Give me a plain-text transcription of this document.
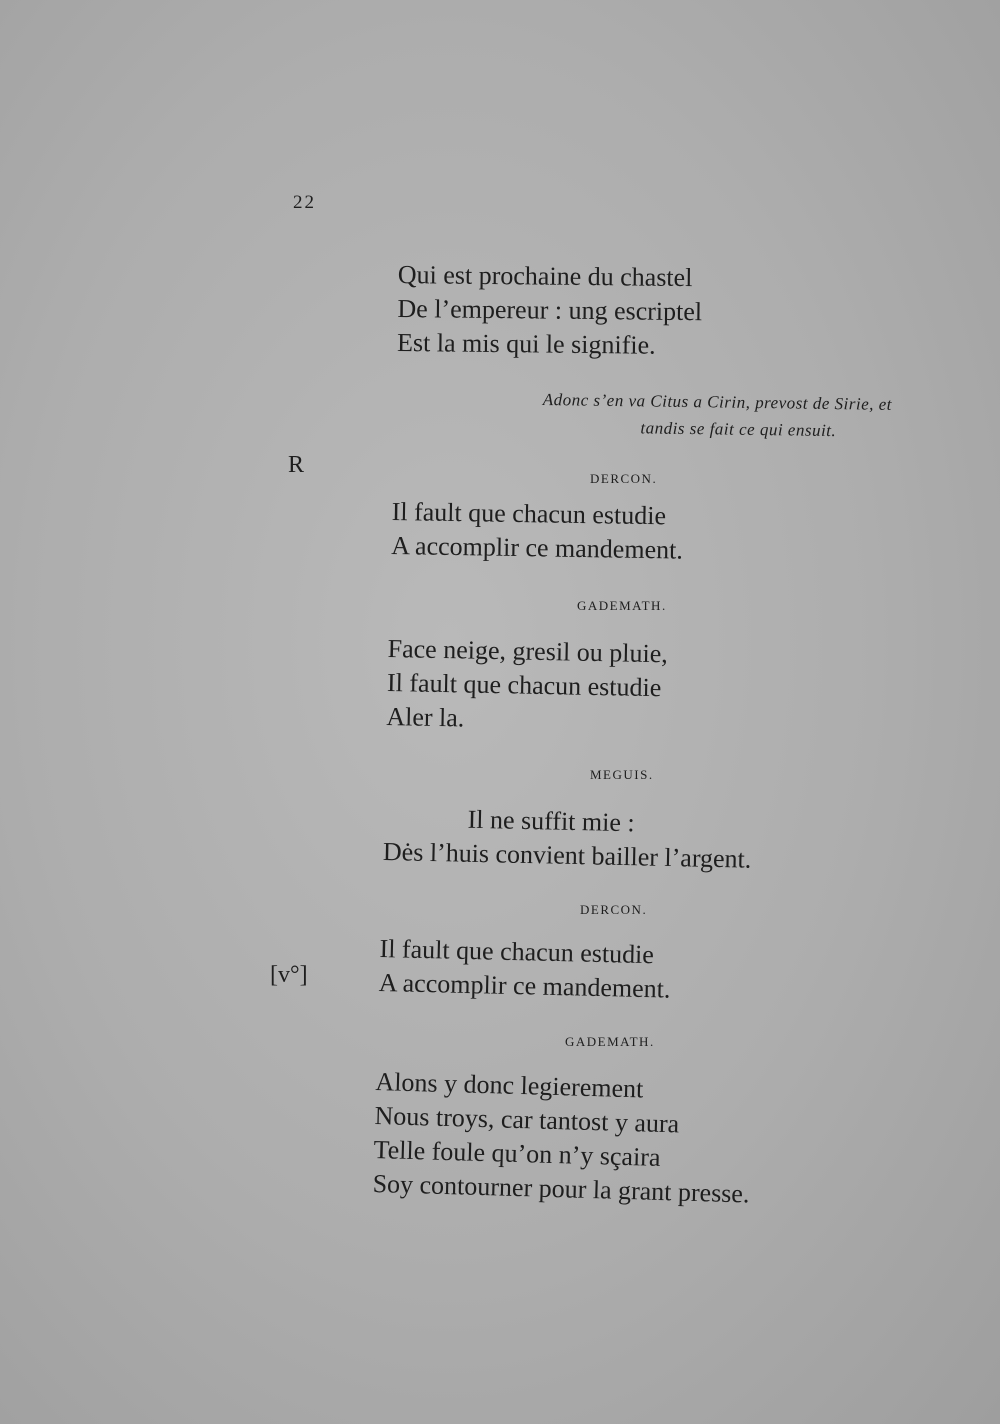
22
R
[v°]
Qui est prochaine du chastel
De l’empereur : ung escriptel
Est la mis qui le signifie.
Adonc s’en va Citus a Cirin, prevost de Sirie, et
tandis se fait ce qui ensuit.
DERCON.
Il fault que chacun estudie
A accomplir ce mandement.
GADEMATH.
Face neige, gresil ou pluie,
Il fault que chacun estudie
Aler la.
MEGUIS.
Il ne suffit mie :
Dės l’huis convient bailler l’argent.
DERCON.
Il fault que chacun estudie
A accomplir ce mandement.
GADEMATH.
Alons y donc legierement
Nous troys, car tantost y aura
Telle foule qu’on n’y sçaira
Soy contourner pour la grant presse.
